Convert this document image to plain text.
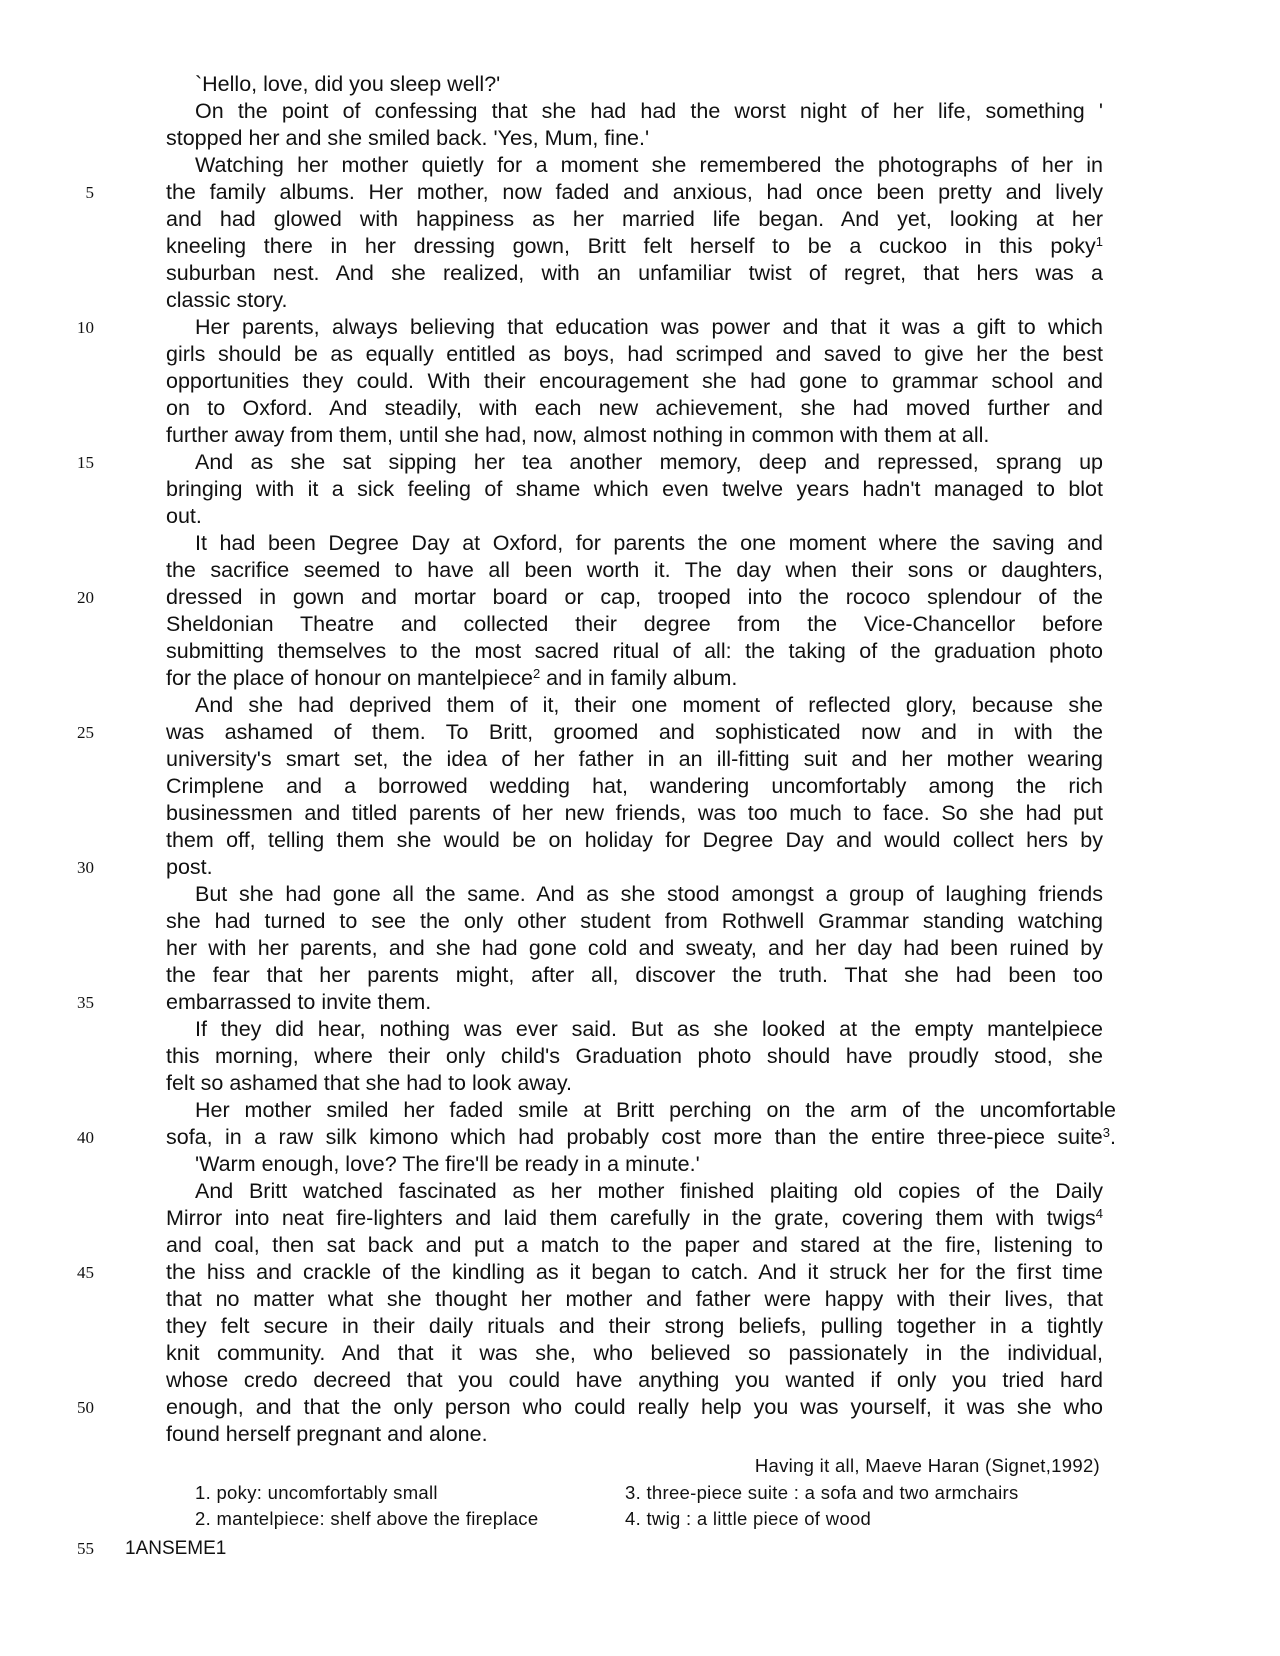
`Hello, love, did you sleep well?'
On the point of confessing that she had had the worst night of her life, something '
stopped her and she smiled back. 'Yes, Mum, fine.'
Watching her mother quietly for a moment she remembered the photographs of her in
the family albums. Her mother, now faded and anxious, had once been pretty and lively
and had glowed with happiness as her married life began. And yet, looking at her
kneeling there in her dressing gown, Britt felt herself to be a cuckoo in this poky$^1$
suburban nest. And she realized, with an unfamiliar twist of regret, that hers was a
classic story.
Her parents, always believing that education was power and that it was a gift to which
girls should be as equally entitled as boys, had scrimped and saved to give her the best
opportunities they could. With their encouragement she had gone to grammar school and
on to Oxford. And steadily, with each new achievement, she had moved further and
further away from them, until she had, now, almost nothing in common with them at all.
And as she sat sipping her tea another memory, deep and repressed, sprang up
bringing with it a sick feeling of shame which even twelve years hadn't managed to blot
out.
It had been Degree Day at Oxford, for parents the one moment where the saving and
the sacrifice seemed to have all been worth it. The day when their sons or daughters,
dressed in gown and mortar board or cap, trooped into the rococo splendour of the
Sheldonian Theatre and collected their degree from the Vice-Chancellor before
submitting themselves to the most sacred ritual of all: the taking of the graduation photo
for the place of honour on mantelpiece$^2$ and in family album.
And she had deprived them of it, their one moment of reflected glory, because she
was ashamed of them. To Britt, groomed and sophisticated now and in with the
university's smart set, the idea of her father in an ill-fitting suit and her mother wearing
Crimplene and a borrowed wedding hat, wandering uncomfortably among the rich
businessmen and titled parents of her new friends, was too much to face. So she had put
them off, telling them she would be on holiday for Degree Day and would collect hers by
post.
But she had gone all the same. And as she stood amongst a group of laughing friends
she had turned to see the only other student from Rothwell Grammar standing watching
her with her parents, and she had gone cold and sweaty, and her day had been ruined by
the fear that her parents might, after all, discover the truth. That she had been too
embarrassed to invite them.
If they did hear, nothing was ever said. But as she looked at the empty mantelpiece
this morning, where their only child's Graduation photo should have proudly stood, she
felt so ashamed that she had to look away.
Her mother smiled her faded smile at Britt perching on the arm of the uncomfortable
sofa, in a raw silk kimono which had probably cost more than the entire three-piece suite$^3$.
'Warm enough, love? The fire'll be ready in a minute.'
And Britt watched fascinated as her mother finished plaiting old copies of the Daily
Mirror into neat fire-lighters and laid them carefully in the grate, covering them with twigs$^4$
and coal, then sat back and put a match to the paper and stared at the fire, listening to
the hiss and crackle of the kindling as it began to catch. And it struck her for the first time
that no matter what she thought her mother and father were happy with their lives, that
they felt secure in their daily rituals and their strong beliefs, pulling together in a tightly
knit community. And that it was she, who believed so passionately in the individual,
whose credo decreed that you could have anything you wanted if only you tried hard
enough, and that the only person who could really help you was yourself, it was she who
found herself pregnant and alone.
5
10
15
20
25
30
35
40
45
50
55
Having it all, Maeve Haran (Signet,1992)
1. poky: uncomfortably small
2. mantelpiece: shelf above the fireplace
3. three-piece suite : a sofa and two armchairs
4. twig : a little piece of wood
1ANSEME1
